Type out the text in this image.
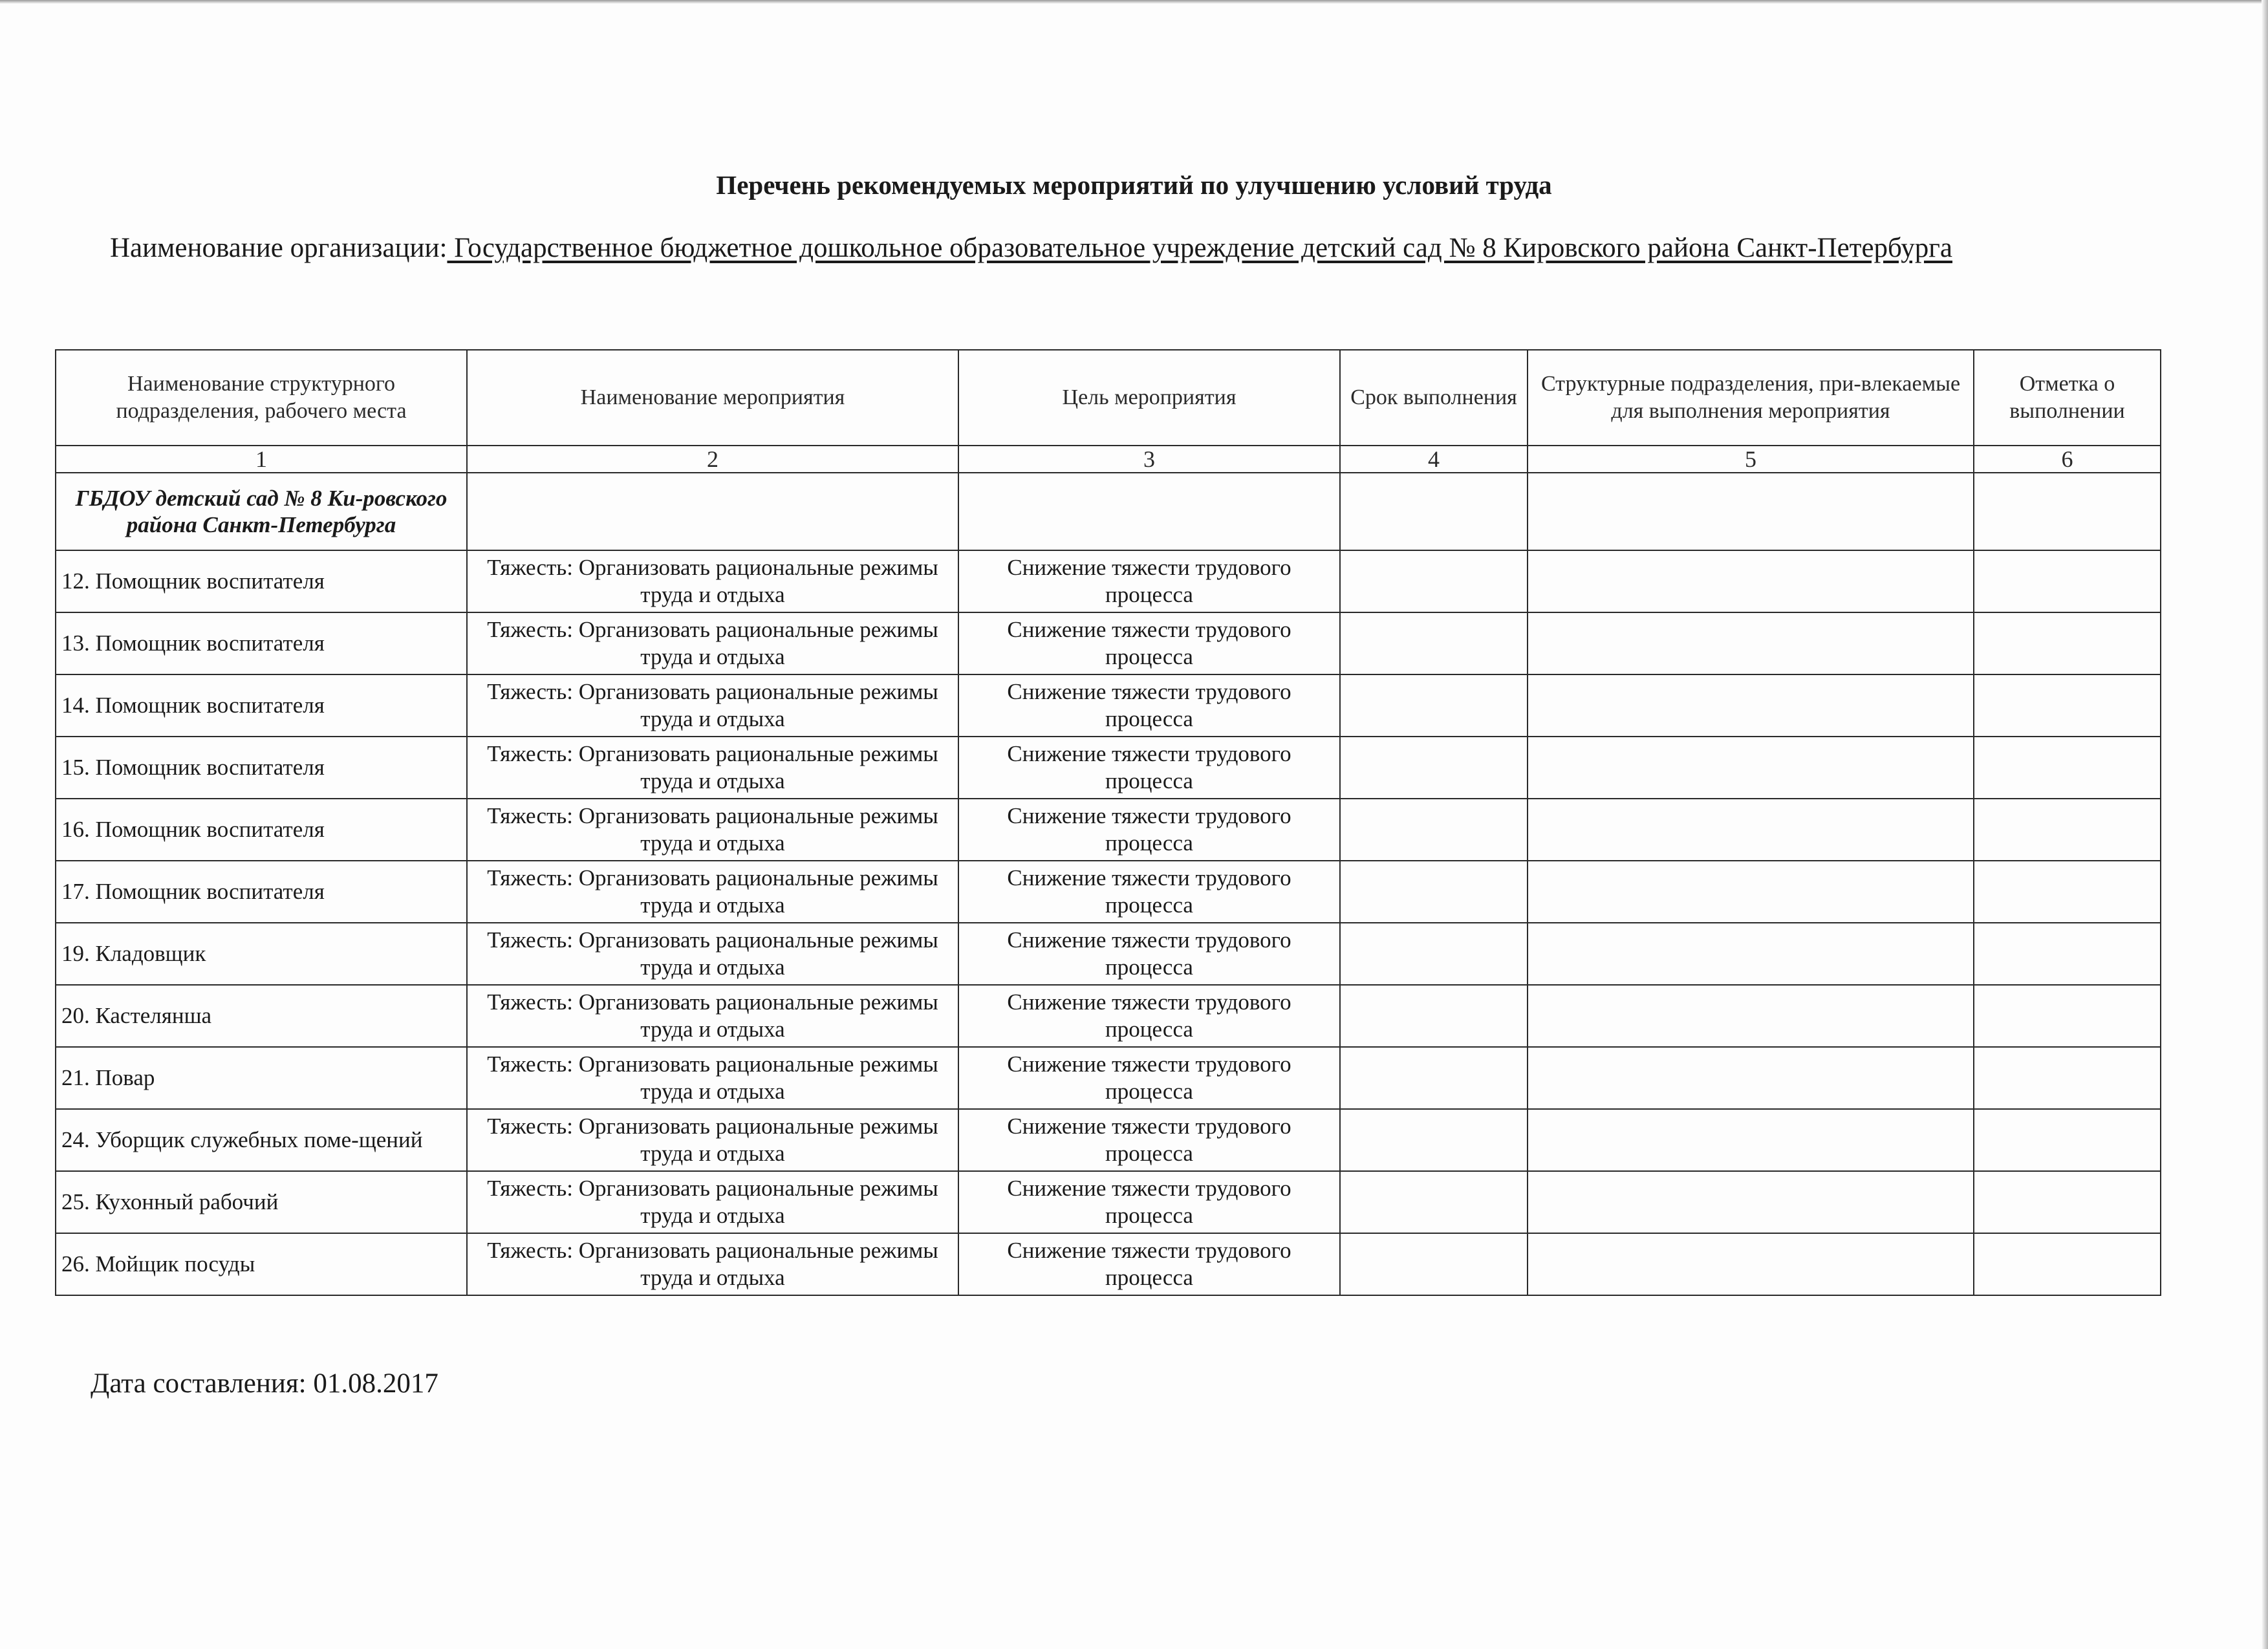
Перечень рекомендуемых мероприятий по улучшению условий труда
Наименование организации: Государственное бюджетное дошкольное образовательное учреждение детский сад № 8 Кировского района Санкт-Петербурга
Наименование структурного подразделения, рабочего места	Наименование мероприятия	Цель мероприятия	Срок выполнения	Структурные подразделения, при-влекаемые для выполнения мероприятия	Отметка о выполнении
1	2	3	4	5	6
ГБДОУ детский сад № 8 Ки-ровского района Санкт-Петербурга					
12. Помощник воспитателя	Тяжесть: Организовать рациональные режимы труда и отдыха	Снижение тяжести трудового процесса			
13. Помощник воспитателя	Тяжесть: Организовать рациональные режимы труда и отдыха	Снижение тяжести трудового процесса			
14. Помощник воспитателя	Тяжесть: Организовать рациональные режимы труда и отдыха	Снижение тяжести трудового процесса			
15. Помощник воспитателя	Тяжесть: Организовать рациональные режимы труда и отдыха	Снижение тяжести трудового процесса			
16. Помощник воспитателя	Тяжесть: Организовать рациональные режимы труда и отдыха	Снижение тяжести трудового процесса			
17. Помощник воспитателя	Тяжесть: Организовать рациональные режимы труда и отдыха	Снижение тяжести трудового процесса			
19. Кладовщик	Тяжесть: Организовать рациональные режимы труда и отдыха	Снижение тяжести трудового процесса			
20. Кастелянша	Тяжесть: Организовать рациональные режимы труда и отдыха	Снижение тяжести трудового процесса			
21. Повар	Тяжесть: Организовать рациональные режимы труда и отдыха	Снижение тяжести трудового процесса			
24. Уборщик служебных поме-щений	Тяжесть: Организовать рациональные режимы труда и отдыха	Снижение тяжести трудового процесса			
25. Кухонный рабочий	Тяжесть: Организовать рациональные режимы труда и отдыха	Снижение тяжести трудового процесса			
26. Мойщик посуды	Тяжесть: Организовать рациональные режимы труда и отдыха	Снижение тяжести трудового процесса			
Дата составления: 01.08.2017
